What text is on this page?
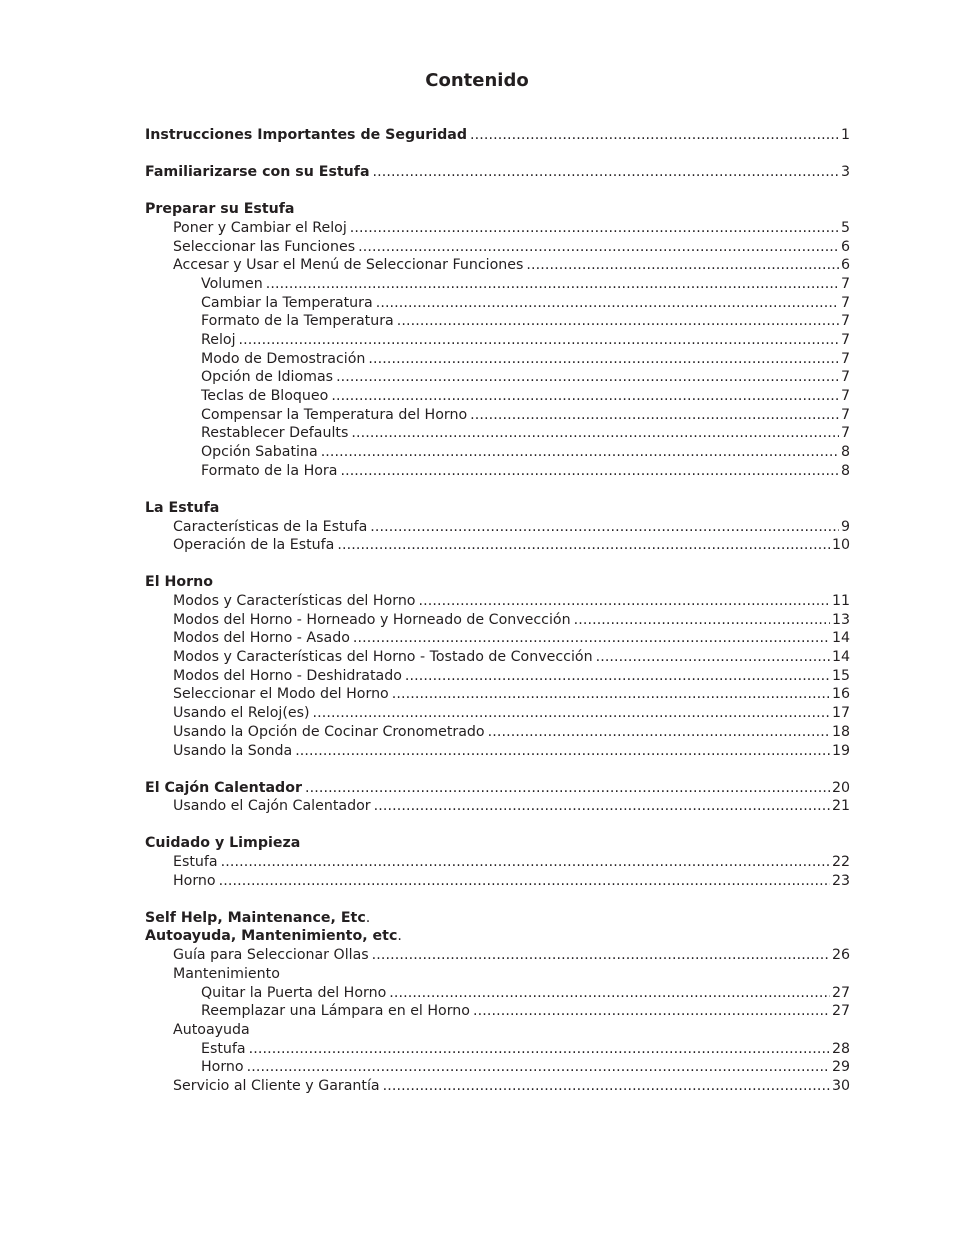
Contenido
Instrucciones Importantes de Seguridad . . .	1
Familiarizarse con su Estufa . . .	3
Preparar su Estufa
Poner y Cambiar el Reloj . . .	5
Seleccionar las Funciones . . .	6
Accesar y Usar el Menú de Seleccionar Funciones . . .	6
Volumen . . .	7
Cambiar la Temperatura . . .	7
Formato de la Temperatura . . .	7
Reloj . . .	7
Modo de Demostración . . .	7
Opción de Idiomas . . .	7
Teclas de Bloqueo . . .	7
Compensar la Temperatura del Horno . . .	7
Restablecer Defaults . . .	7
Opción Sabatina . . .	8
Formato de la Hora . . .	8
La Estufa
Características de la Estufa . . .	9
Operación de la Estufa . . .	10
El Horno
Modos y Características del Horno . . .	11
Modos del Horno - Horneado y Horneado de Convección . . .	13
Modos del Horno - Asado . . .	14
Modos y Características del Horno - Tostado de Convección . . .	14
Modos del Horno - Deshidratado . . .	15
Seleccionar el Modo del Horno . . .	16
Usando el Reloj(es) . . .	17
Usando la Opción de Cocinar Cronometrado . . .	18
Usando la Sonda . . .	19
El Cajón Calentador . . .	20
Usando el Cajón Calentador . . .	21
Cuidado y Limpieza
Estufa . . .	22
Horno . . .	23
Self Help, Maintenance, Etc.
Autoayuda, Mantenimiento, etc.
Guía para Seleccionar Ollas . . .	26
Mantenimiento
Quitar la Puerta del Horno . . .	27
Reemplazar una Lámpara en el Horno . . .	27
Autoayuda
Estufa . . .	28
Horno . . .	29
Servicio al Cliente y Garantía . . .	30
